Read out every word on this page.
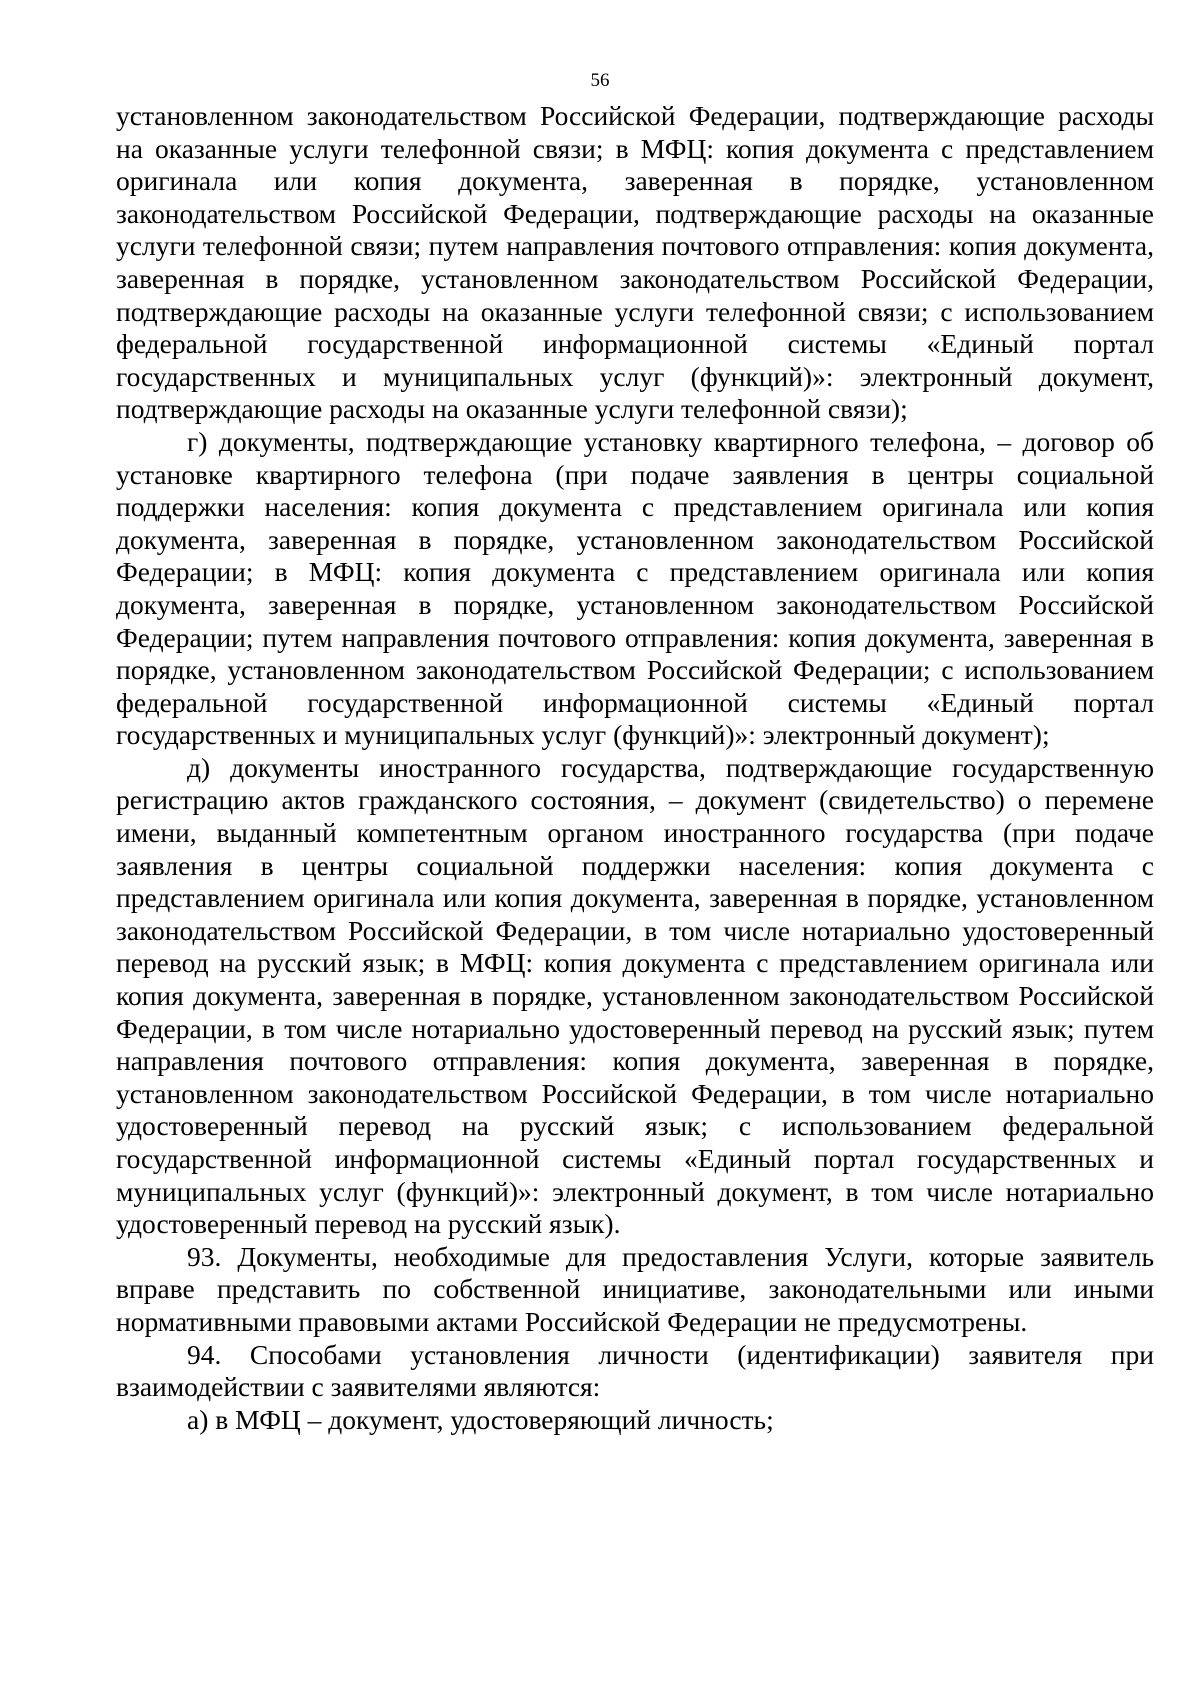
56

установленном законодательством Российской Федерации, подтверждающие расходы на оказанные услуги телефонной связи; в МФЦ: копия документа с представлением оригинала или копия документа, заверенная в порядке, установленном законодательством Российской Федерации, подтверждающие расходы на оказанные услуги телефонной связи; путем направления почтового отправления: копия документа, заверенная в порядке, установленном законодательством Российской Федерации, подтверждающие расходы на оказанные услуги телефонной связи; с использованием федеральной государственной информационной системы «Единый портал государственных и муниципальных услуг (функций)»: электронный документ, подтверждающие расходы на оказанные услуги телефонной связи);

г) документы, подтверждающие установку квартирного телефона, – договор об установке квартирного телефона (при подаче заявления в центры социальной поддержки населения: копия документа с представлением оригинала или копия документа, заверенная в порядке, установленном законодательством Российской Федерации; в МФЦ: копия документа с представлением оригинала или копия документа, заверенная в порядке, установленном законодательством Российской Федерации; путем направления почтового отправления: копия документа, заверенная в порядке, установленном законодательством Российской Федерации; с использованием федеральной государственной информационной системы «Единый портал государственных и муниципальных услуг (функций)»: электронный документ);

д) документы иностранного государства, подтверждающие государственную регистрацию актов гражданского состояния, – документ (свидетельство) о перемене имени, выданный компетентным органом иностранного государства (при подаче заявления в центры социальной поддержки населения: копия документа с представлением оригинала или копия документа, заверенная в порядке, установленном законодательством Российской Федерации, в том числе нотариально удостоверенный перевод на русский язык; в МФЦ: копия документа с представлением оригинала или копия документа, заверенная в порядке, установленном законодательством Российской Федерации, в том числе нотариально удостоверенный перевод на русский язык; путем направления почтового отправления: копия документа, заверенная в порядке, установленном законодательством Российской Федерации, в том числе нотариально удостоверенный перевод на русский язык; с использованием федеральной государственной информационной системы «Единый портал государственных и муниципальных услуг (функций)»: электронный документ, в том числе нотариально удостоверенный перевод на русский язык).

93. Документы, необходимые для предоставления Услуги, которые заявитель вправе представить по собственной инициативе, законодательными или иными нормативными правовыми актами Российской Федерации не предусмотрены.

94. Способами установления личности (идентификации) заявителя при взаимодействии с заявителями являются:

а) в МФЦ – документ, удостоверяющий личность;
